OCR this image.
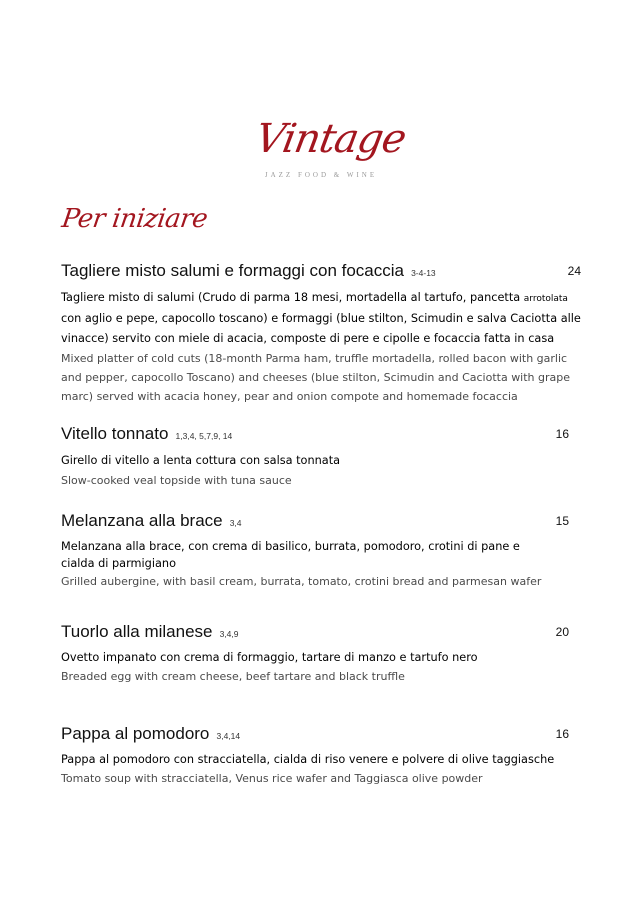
Vintage
JAZZ FOOD & WINE
Per iniziare
Tagliere misto salumi e formaggi con focaccia 3-4-13	24
Tagliere misto di salumi (Crudo di parma 18 mesi, mortadella al tartufo, pancetta arrotolata con aglio e pepe, capocollo toscano) e formaggi (blue stilton, Scimudin e salva Caciotta alle vinacce) servito con miele di acacia, composte di pere e cipolle e focaccia fatta in casa
Mixed platter of cold cuts (18-month Parma ham, truffle mortadella, rolled bacon with garlic and pepper, capocollo Toscano) and cheeses (blue stilton, Scimudin and Caciotta with grape marc) served with acacia honey, pear and onion compote and homemade focaccia
Vitello tonnato 1,3,4, 5,7,9, 14	16
Girello di vitello a lenta cottura con salsa tonnata
Slow-cooked veal topside with tuna sauce
Melanzana alla brace 3,4	15
Melanzana alla brace, con crema di basilico, burrata, pomodoro, crotini di pane e cialda di parmigiano
Grilled aubergine, with basil cream, burrata, tomato, crotini bread and parmesan wafer
Tuorlo alla milanese 3,4,9	20
Ovetto impanato con crema di formaggio, tartare di manzo e tartufo nero
Breaded egg with cream cheese, beef tartare and black truffle
Pappa al pomodoro 3,4,14	16
Pappa al pomodoro con stracciatella, cialda di riso venere e polvere di olive taggiasche
Tomato soup with stracciatella, Venus rice wafer and Taggiasca olive powder
